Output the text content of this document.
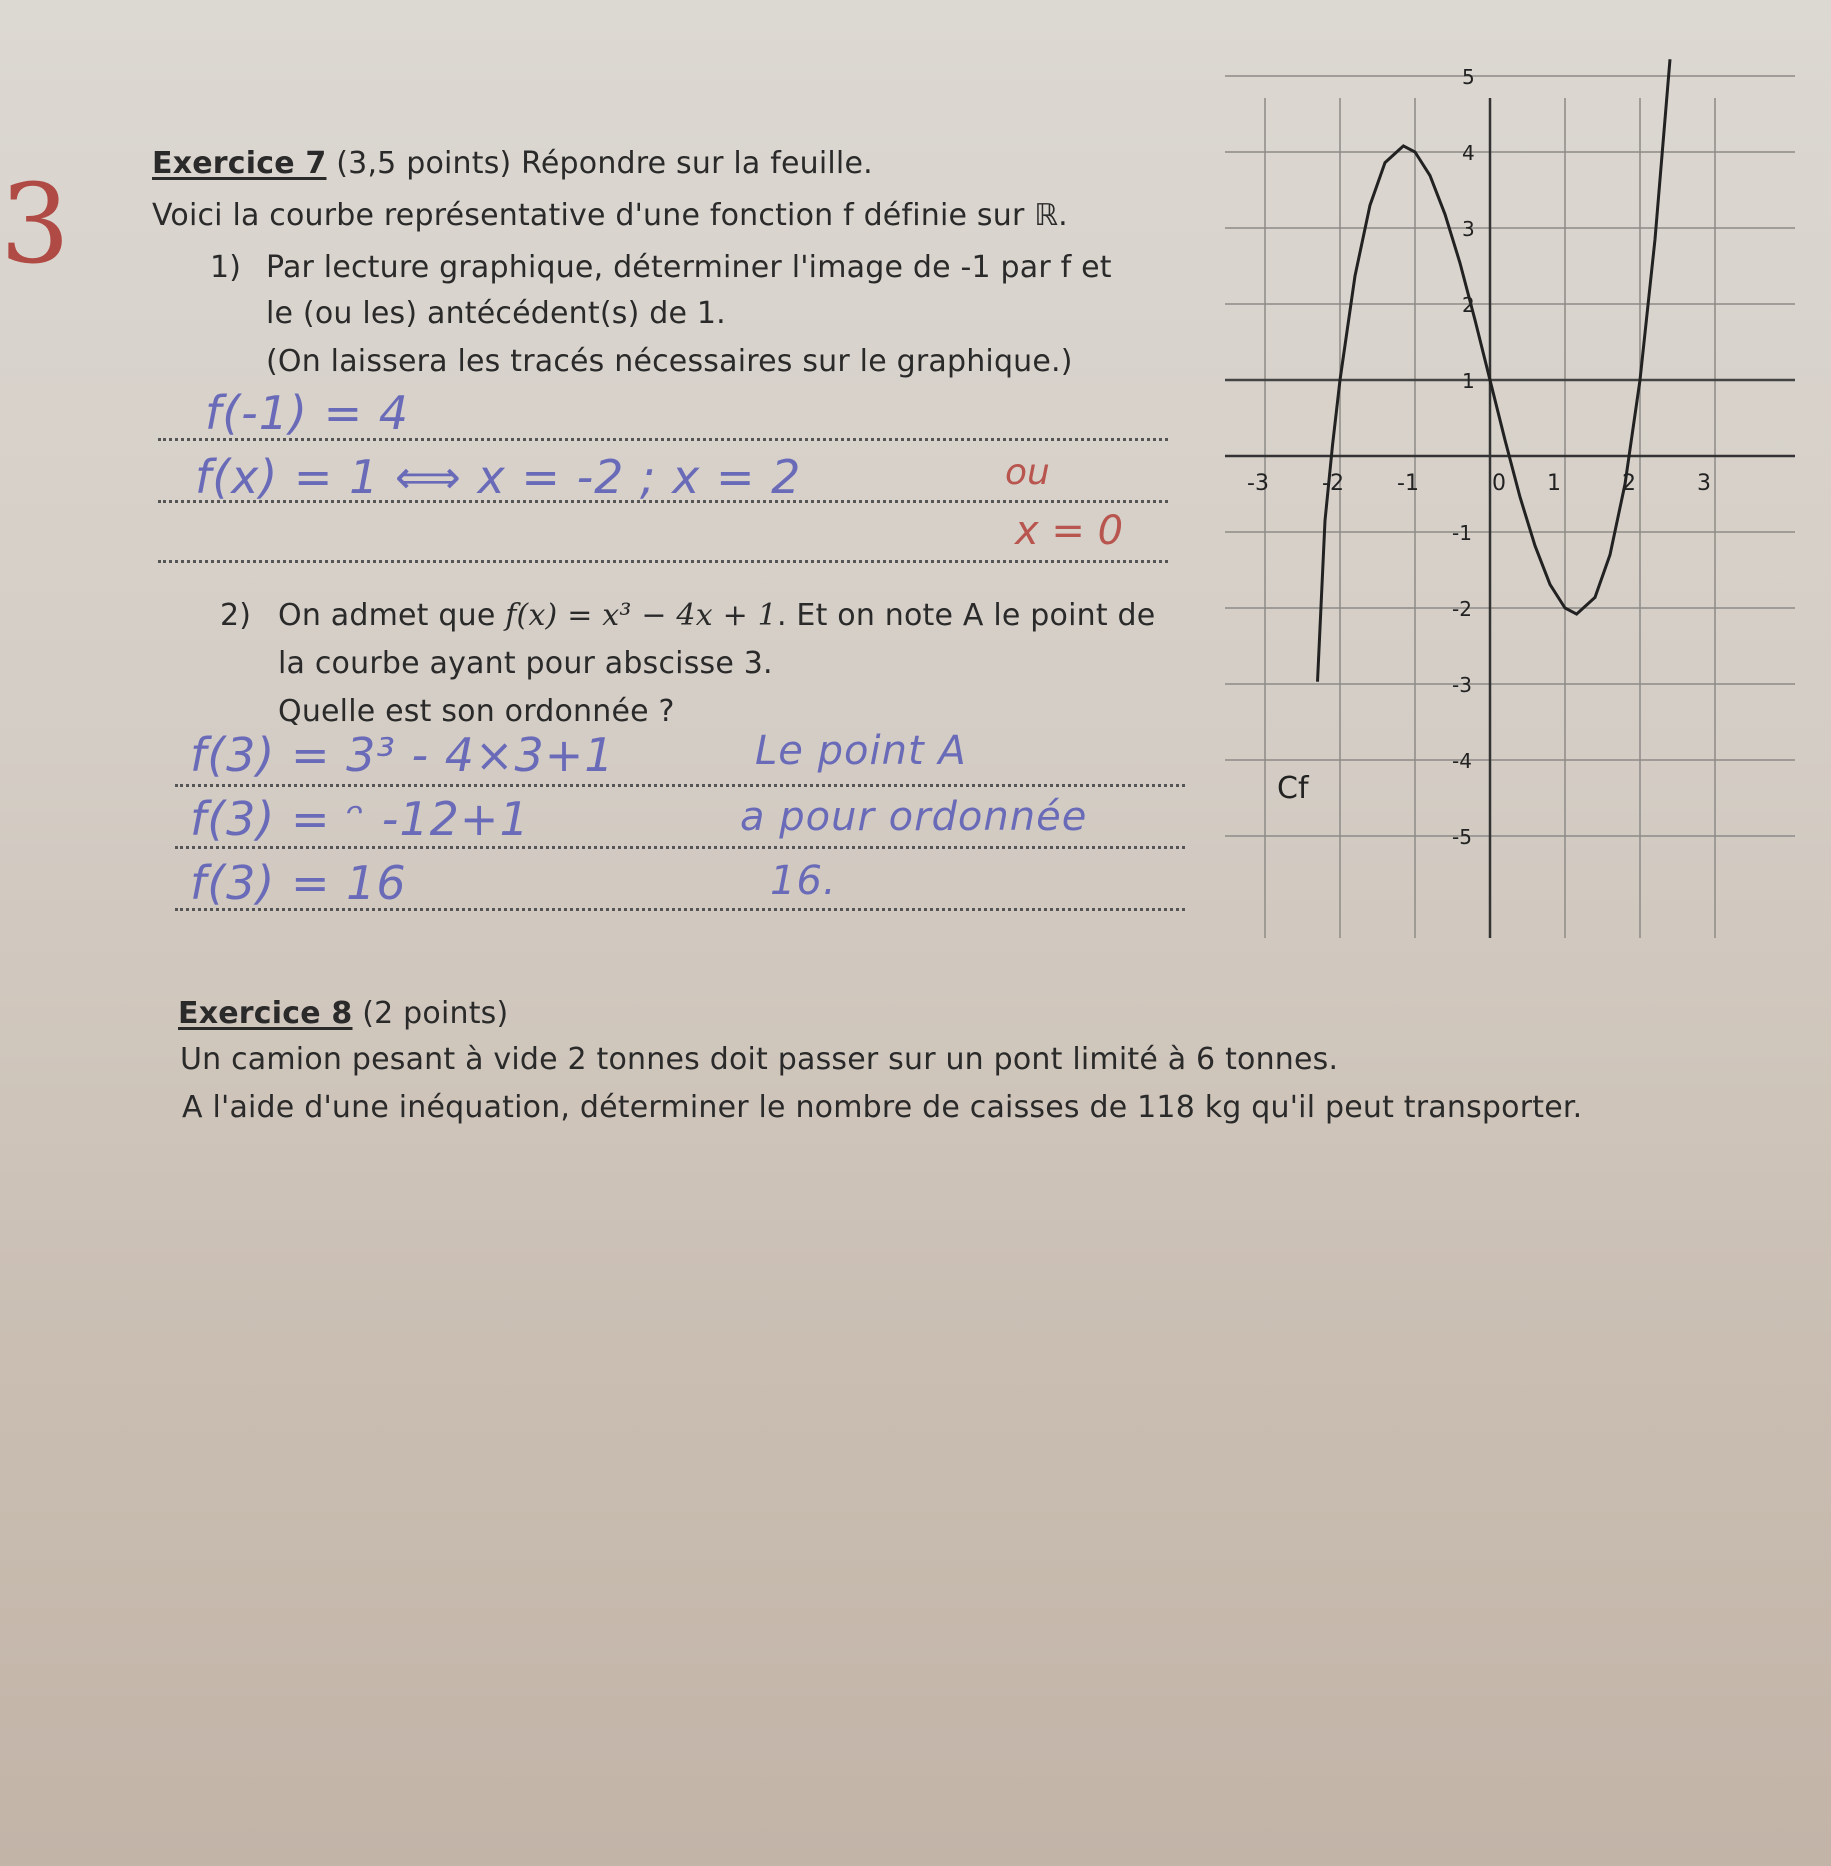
3	Exercice 7 (3,5 points) Répondre sur la feuille.
Voici la courbe représentative d'une fonction f définie sur ℝ.
1) Par lecture graphique, déterminer l'image de -1 par f et
le (ou les) antécédent(s) de 1.
(On laissera les tracés nécessaires sur le graphique.)
f(-1) = 4
f(x) = 1 ⟺ x = -2 ; x = 2	ou
x = 0
2) On admet que f(x) = x³ − 4x + 1. Et on note A le point de
la courbe ayant pour abscisse 3.
Quelle est son ordonnée ?
f(3) = 3³ - 4×3+1	Le point A
f(3) = ᵔ -12+1	a pour ordonnée
f(3) = 16	16.
-3 -2 -1	0 1	2	3
5
4
3
2
1
-1
-2
-3
-4
-5
Cf
Exercice 8 (2 points)
Un camion pesant à vide 2 tonnes doit passer sur un pont limité à 6 tonnes.
A l'aide d'une inéquation, déterminer le nombre de caisses de 118 kg qu'il peut transporter.
